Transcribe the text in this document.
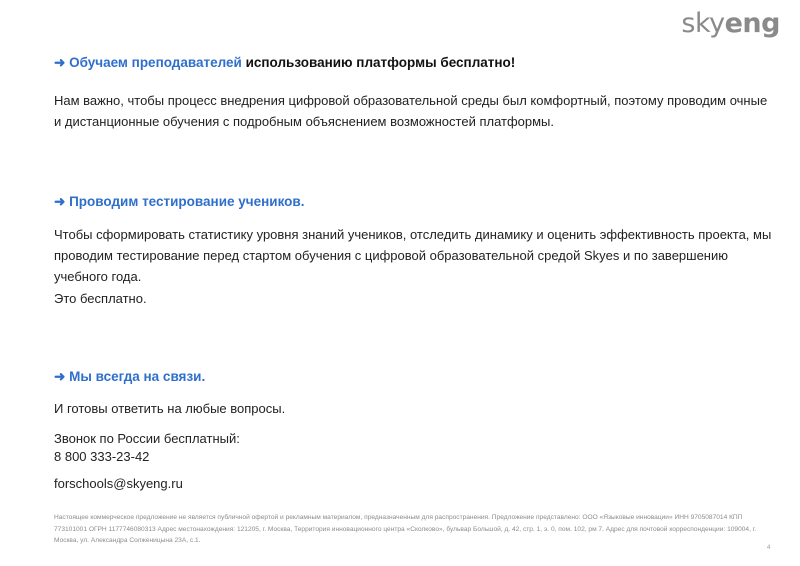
skyeng
➜ Обучаем преподавателей использованию платформы бесплатно!
Нам важно, чтобы процесс внедрения цифровой образовательной среды был комфортный, поэтому проводим очные и дистанционные обучения с подробным объяснением возможностей платформы.
➜ Проводим тестирование учеников.
Чтобы сформировать статистику уровня знаний учеников, отследить динамику и оценить эффективность проекта, мы проводим тестирование перед стартом обучения с цифровой образовательной средой Skyes и по завершению учебного года.
Это бесплатно.
➜ Мы всегда на связи.
И готовы ответить на любые вопросы.
Звонок по России бесплатный:
8 800 333-23-42
forschools@skyeng.ru
Настоящее коммерческое предложение не является публичной офертой и рекламным материалом, предназначенным для распространения. Предложение представлено: ООО «Языковые инновации» ИНН 9705087014 КПП 773101001 ОГРН 1177746080313 Адрес местонахождения: 121205, г. Москва, Территория инновационного центра «Сколково», бульвар Большой, д. 42, стр. 1, э. 0, пом. 102, рм 7. Адрес для почтовой корреспонденции: 109004, г. Москва, ул. Александра Солженицына 23А, с.1.
4
